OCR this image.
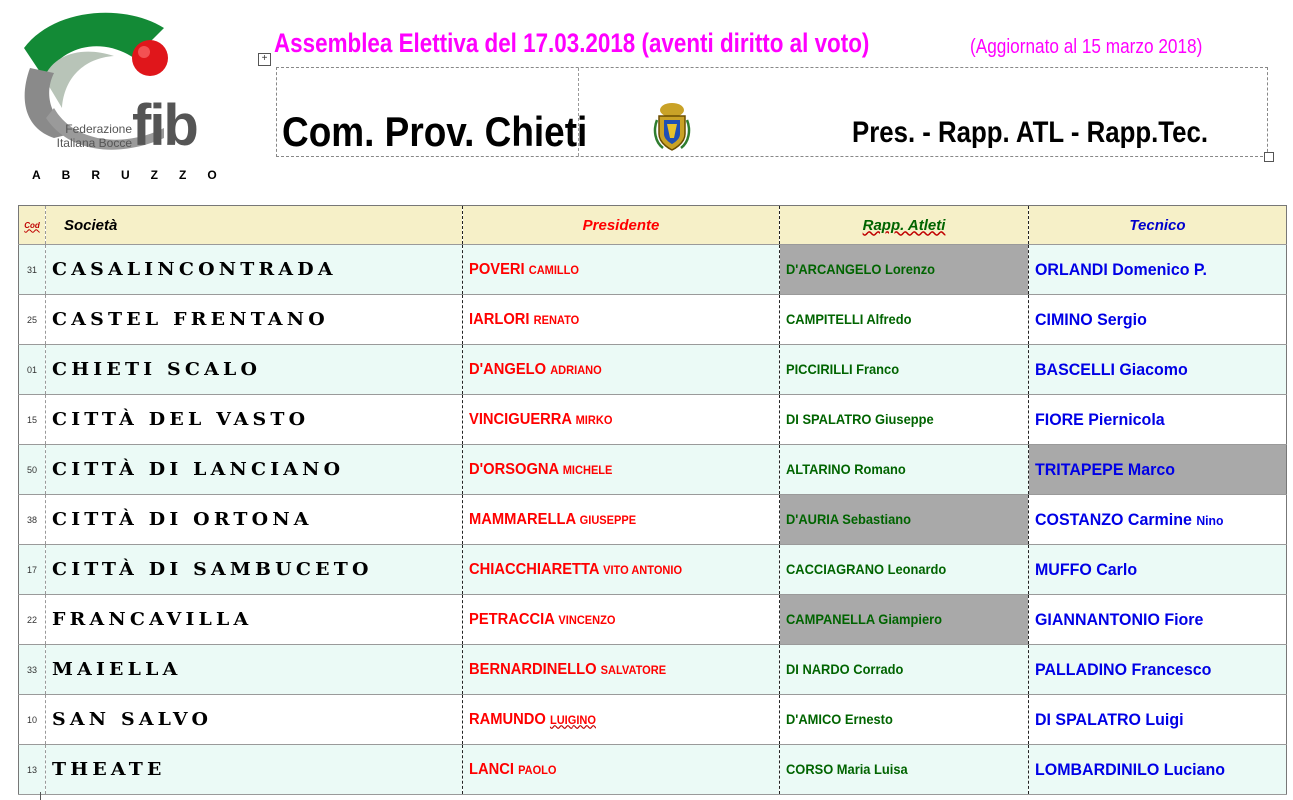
Federazione
Italiana Bocce fib
ABRUZZO
+
Assemblea Elettiva del 17.03.2018 (aventi diritto al voto)	(Aggiornato al 15 marzo 2018)
Com. Prov. Chieti	Pres. - Rapp. ATL - Rapp.Tec.
Cod	Società	Presidente	Rapp. Atleti	Tecnico
31	CASALINCONTRADA	POVERI CAMILLO	D'ARCANGELO Lorenzo	ORLANDI Domenico P.
25	CASTEL FRENTANO	IARLORI RENATO	CAMPITELLI Alfredo	CIMINO Sergio
01	CHIETI SCALO	D'ANGELO ADRIANO	PICCIRILLI Franco	BASCELLI Giacomo
15	CITTÀ DEL VASTO	VINCIGUERRA MIRKO	DI SPALATRO Giuseppe	FIORE Piernicola
50	CITTÀ DI LANCIANO	D'ORSOGNA MICHELE	ALTARINO Romano	TRITAPEPE Marco
38	CITTÀ DI ORTONA	MAMMARELLA GIUSEPPE	D'AURIA Sebastiano	COSTANZO Carmine Nino
17	CITTÀ DI SAMBUCETO	CHIACCHIARETTA VITO ANTONIO	CACCIAGRANO Leonardo	MUFFO Carlo
22	FRANCAVILLA	PETRACCIA VINCENZO	CAMPANELLA Giampiero	GIANNANTONIO Fiore
33	MAIELLA	BERNARDINELLO SALVATORE	DI NARDO Corrado	PALLADINO Francesco
10	SAN SALVO	RAMUNDO LUIGINO	D'AMICO Ernesto	DI SPALATRO Luigi
13	THEATE	LANCI PAOLO	CORSO Maria Luisa	LOMBARDINILO Luciano
